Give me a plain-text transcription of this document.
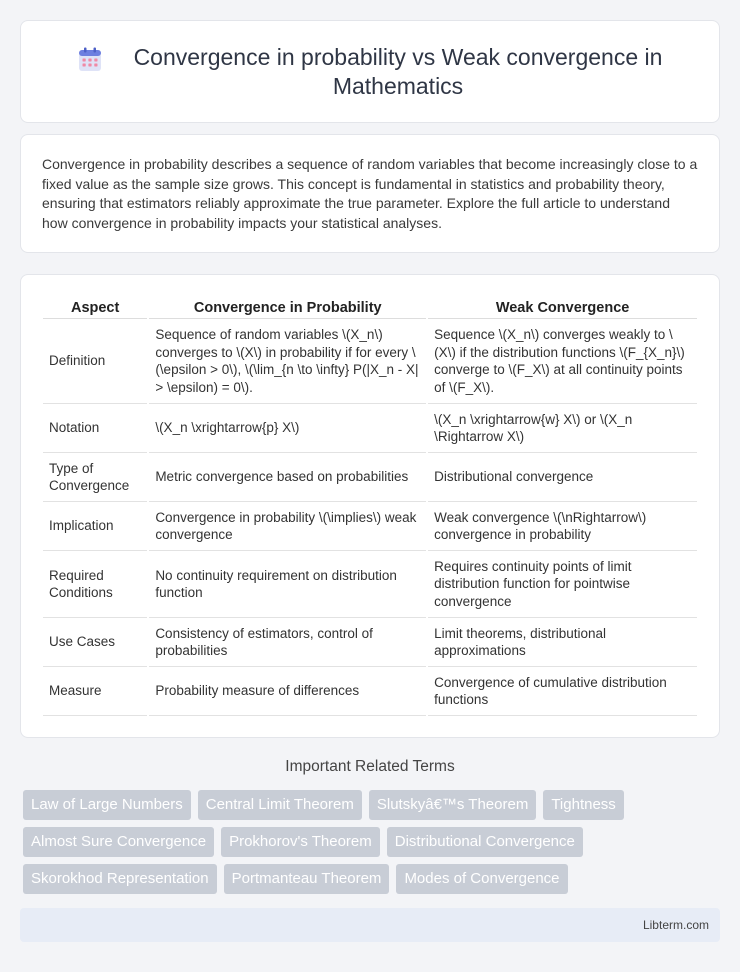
Convergence in probability vs Weak convergence in Mathematics

Convergence in probability describes a sequence of random variables that become increasingly close to a fixed value as the sample size grows. This concept is fundamental in statistics and probability theory, ensuring that estimators reliably approximate the true parameter. Explore the full article to understand how convergence in probability impacts your statistical analyses.

Aspect	Convergence in Probability	Weak Convergence
Definition	Sequence of random variables \(X_n\) converges to \(X\) in probability if for every \(\epsilon > 0\), \(\lim_{n \to \infty} P(|X_n - X| > \epsilon) = 0\).	Sequence \(X_n\) converges weakly to \(X\) if the distribution functions \(F_{X_n}\) converge to \(F_X\) at all continuity points of \(F_X\).
Notation	\(X_n \xrightarrow{p} X\)	\(X_n \xrightarrow{w} X\) or \(X_n \Rightarrow X\)
Type of Convergence	Metric convergence based on probabilities	Distributional convergence
Implication	Convergence in probability \(\implies\) weak convergence	Weak convergence \(\nRightarrow\) convergence in probability
Required Conditions	No continuity requirement on distribution function	Requires continuity points of limit distribution function for pointwise convergence
Use Cases	Consistency of estimators, control of probabilities	Limit theorems, distributional approximations
Measure	Probability measure of differences	Convergence of cumulative distribution functions
Important Related Terms
Law of Large Numbers	Central Limit Theorem	Slutskyâ€™s Theorem	Tightness
Almost Sure Convergence	Prokhorov's Theorem	Distributional Convergence
Skorokhod Representation	Portmanteau Theorem	Modes of Convergence
Libterm.com
